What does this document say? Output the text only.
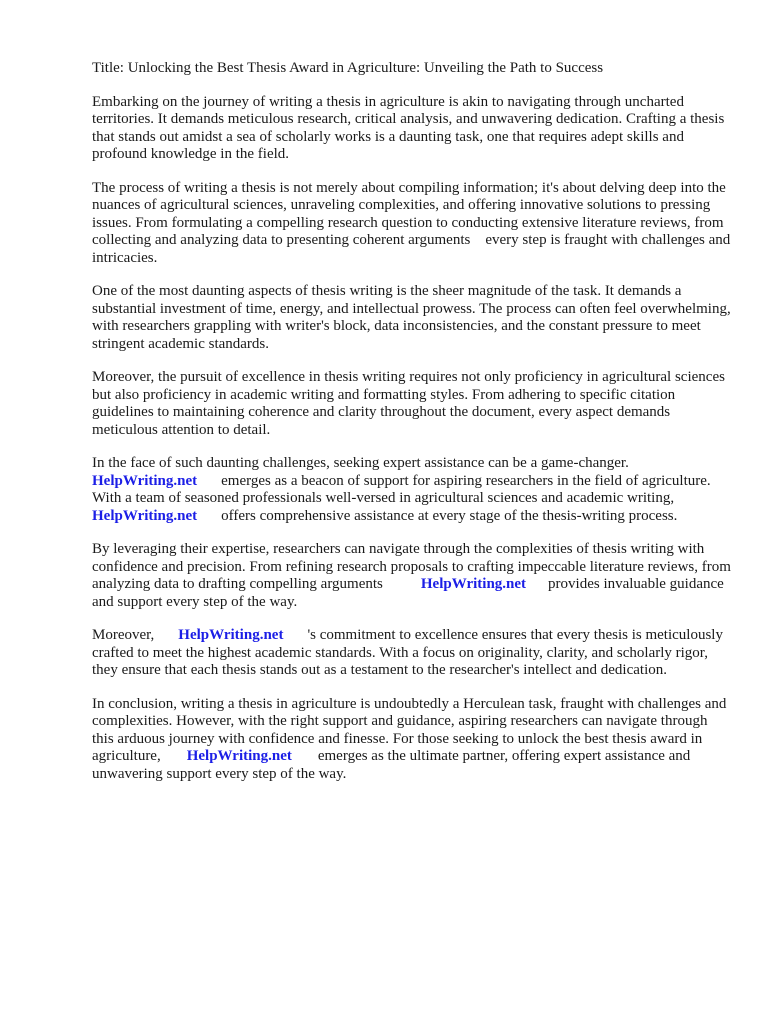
Title: Unlocking the Best Thesis Award in Agriculture: Unveiling the Path to Success

Embarking on the journey of writing a thesis in agriculture is akin to navigating through uncharted territories. It demands meticulous research, critical analysis, and unwavering dedication. Crafting a thesis that stands out amidst a sea of scholarly works is a daunting task, one that requires adept skills and profound knowledge in the field.

The process of writing a thesis is not merely about compiling information; it's about delving deep into the nuances of agricultural sciences, unraveling complexities, and offering innovative solutions to pressing issues. From formulating a compelling research question to conducting extensive literature reviews, from collecting and analyzing data to presenting coherent arguments    every step is fraught with challenges and intricacies.

One of the most daunting aspects of thesis writing is the sheer magnitude of the task. It demands a substantial investment of time, energy, and intellectual prowess. The process can often feel overwhelming, with researchers grappling with writer's block, data inconsistencies, and the constant pressure to meet stringent academic standards.

Moreover, the pursuit of excellence in thesis writing requires not only proficiency in agricultural sciences but also proficiency in academic writing and formatting styles. From adhering to specific citation guidelines to maintaining coherence and clarity throughout the document, every aspect demands meticulous attention to detail.

In the face of such daunting challenges, seeking expert assistance can be a game-changer.
HelpWriting.net emerges as a beacon of support for aspiring researchers in the field of agriculture. With a team of seasoned professionals well-versed in agricultural sciences and academic writing,HelpWriting.net offers comprehensive assistance at every stage of the thesis-writing process.

By leveraging their expertise, researchers can navigate through the complexities of thesis writing with confidence and precision. From refining research proposals to crafting impeccable literature reviews, from analyzing data to drafting compelling arguments	HelpWriting.net provides invaluable guidance and support every step of the way.

Moreover, HelpWriting.net 's commitment to excellence ensures that every thesis is meticulously crafted to meet the highest academic standards. With a focus on originality, clarity, and scholarly rigor, they ensure that each thesis stands out as a testament to the researcher's intellect and dedication.

In conclusion, writing a thesis in agriculture is undoubtedly a Herculean task, fraught with challenges and complexities. However, with the right support and guidance, aspiring researchers can navigate through this arduous journey with confidence and finesse. For those seeking to unlock the best thesis award in agriculture, HelpWriting.net emerges as the ultimate partner, offering expert assistance and unwavering support every step of the way.
